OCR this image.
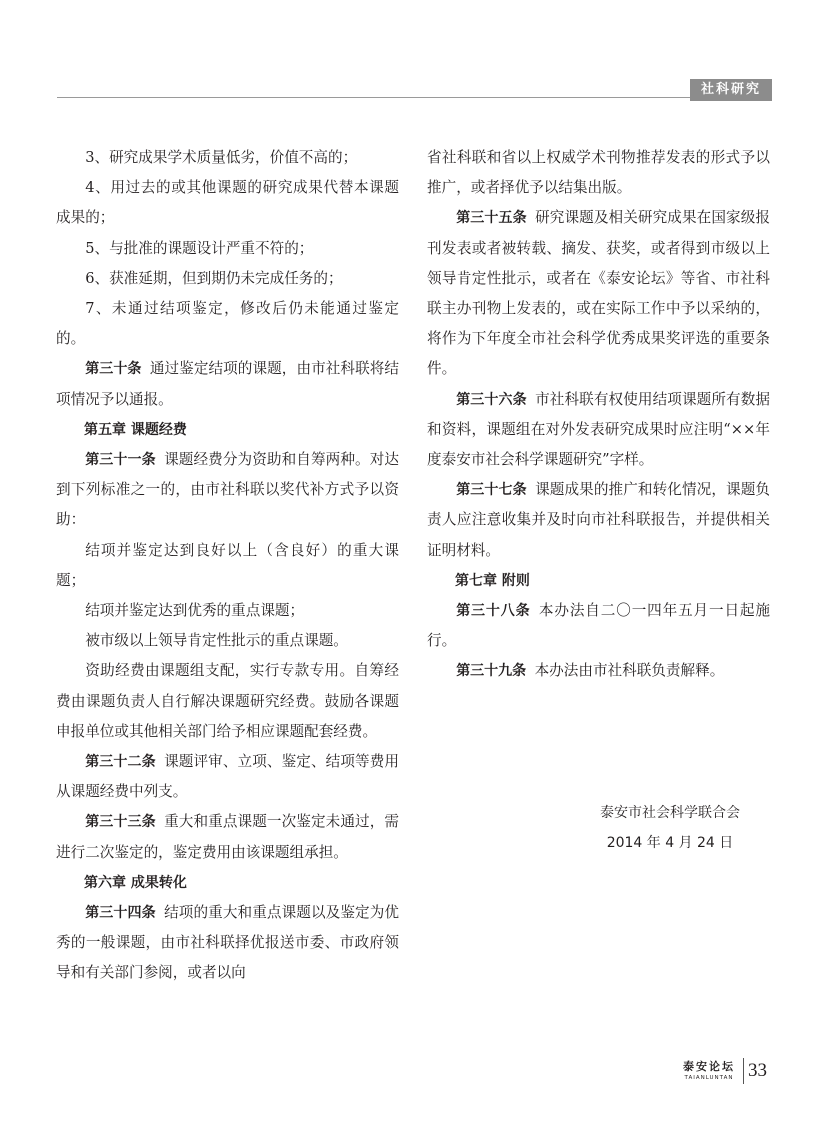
社科研究

3、研究成果学术质量低劣，价值不高的；

4、用过去的或其他课题的研究成果代替本课题成果的；

5、与批准的课题设计严重不符的；

6、获准延期，但到期仍未完成任务的；

7、未通过结项鉴定，修改后仍未能通过鉴定的。

第三十条 通过鉴定结项的课题，由市社科联将结项情况予以通报。

第五章 课题经费

第三十一条 课题经费分为资助和自筹两种。对达到下列标准之一的，由市社科联以奖代补方式予以资助：

结项并鉴定达到良好以上（含良好）的重大课题；

结项并鉴定达到优秀的重点课题；

被市级以上领导肯定性批示的重点课题。

资助经费由课题组支配，实行专款专用。自筹经费由课题负责人自行解决课题研究经费。鼓励各课题申报单位或其他相关部门给予相应课题配套经费。

第三十二条 课题评审、立项、鉴定、结项等费用从课题经费中列支。

第三十三条 重大和重点课题一次鉴定未通过，需进行二次鉴定的，鉴定费用由该课题组承担。

第六章 成果转化

第三十四条 结项的重大和重点课题以及鉴定为优秀的一般课题，由市社科联择优报送市委、市政府领导和有关部门参阅，或者以向

省社科联和省以上权威学术刊物推荐发表的形式予以推广，或者择优予以结集出版。

第三十五条 研究课题及相关研究成果在国家级报刊发表或者被转载、摘发、获奖，或者得到市级以上领导肯定性批示，或者在《泰安论坛》等省、市社科联主办刊物上发表的，或在实际工作中予以采纳的，将作为下年度全市社会科学优秀成果奖评选的重要条件。

第三十六条 市社科联有权使用结项课题所有数据和资料，课题组在对外发表研究成果时应注明“××年度泰安市社会科学课题研究”字样。

第三十七条 课题成果的推广和转化情况，课题负责人应注意收集并及时向市社科联报告，并提供相关证明材料。

第七章 附则

第三十八条 本办法自二〇一四年五月一日起施行。

第三十九条 本办法由市社科联负责解释。

泰安市社会科学联合会
2014 年 4 月 24 日
泰安论坛
TAIANLUNTAN 33
